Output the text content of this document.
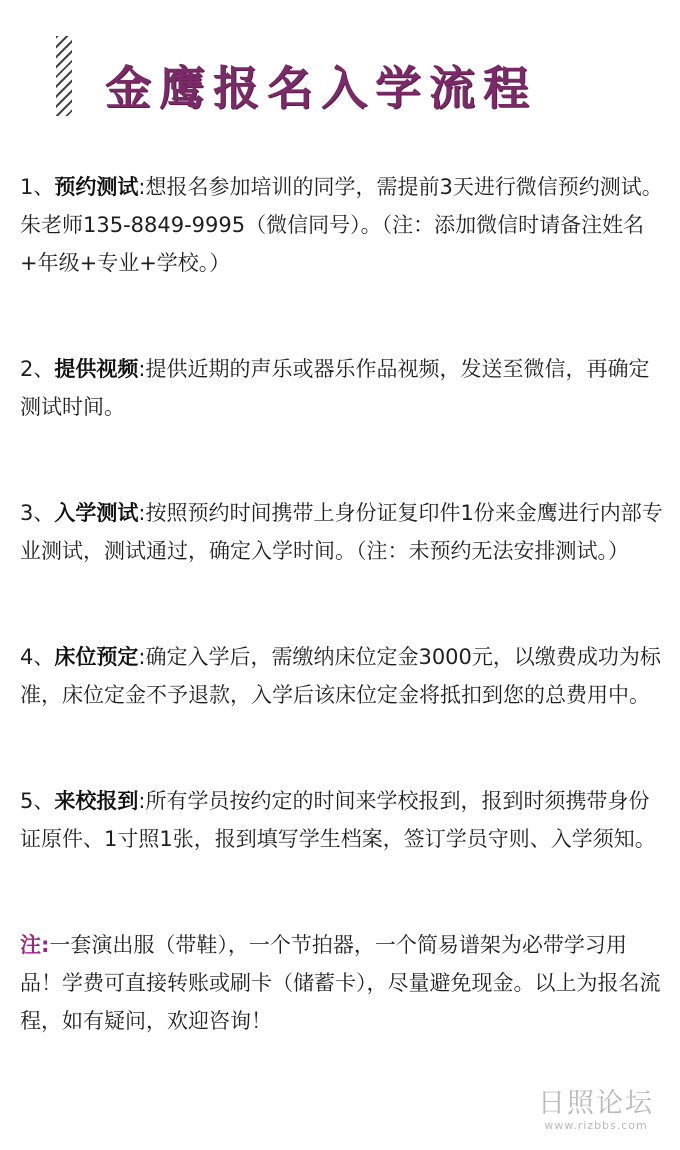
金鹰报名入学流程

1、预约测试:想报名参加培训的同学，需提前3天进行微信预约测试。朱老师135-8849-9995（微信同号）。（注：添加微信时请备注姓名+年级+专业+学校。）

2、提供视频:提供近期的声乐或器乐作品视频，发送至微信，再确定测试时间。

3、入学测试:按照预约时间携带上身份证复印件1份来金鹰进行内部专业测试，测试通过，确定入学时间。（注：未预约无法安排测试。）

4、床位预定:确定入学后，需缴纳床位定金3000元，以缴费成功为标准，床位定金不予退款，入学后该床位定金将抵扣到您的总费用中。

5、来校报到:所有学员按约定的时间来学校报到，报到时须携带身份证原件、1寸照1张，报到填写学生档案，签订学员守则、入学须知。

注:一套演出服（带鞋），一个节拍器，一个简易谱架为必带学习用品！学费可直接转账或刷卡（储蓄卡），尽量避免现金。以上为报名流程，如有疑问，欢迎咨询！

日照论坛
www.rizbbs.com
